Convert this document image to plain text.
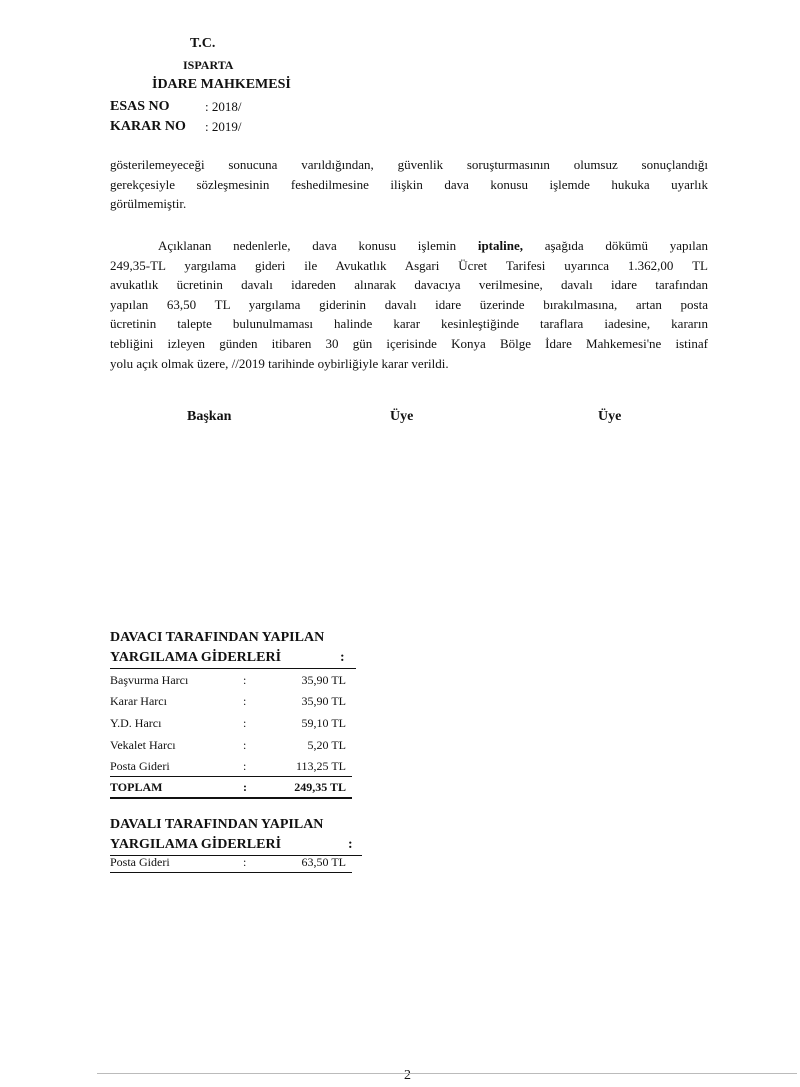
T.C.
ISPARTA
İDARE MAHKEMESİ
ESAS NO	: 2018/
KARAR NO : 2019/
gösterilemeyeceği sonucuna varıldığından, güvenlik soruşturmasının olumsuz sonuçlandığı
gerekçesiyle sözleşmesinin feshedilmesine ilişkin dava konusu işlemde hukuka uyarlık
görülmemiştir.
Açıklanan nedenlerle, dava konusu işlemin iptaline, aşağıda dökümü yapılan
249,35-TL yargılama gideri ile Avukatlık Asgari Ücret Tarifesi uyarınca 1.362,00 TL
avukatlık ücretinin davalı idareden alınarak davacıya verilmesine, davalı idare tarafından
yapılan 63,50 TL yargılama giderinin davalı idare üzerinde bırakılmasına, artan posta
ücretinin talepte bulunulmaması halinde karar kesinleştiğinde taraflara iadesine, kararın
tebliğini izleyen günden itibaren 30 gün içerisinde Konya Bölge İdare Mahkemesi'ne istinaf
yolu açık olmak üzere, //2019 tarihinde oybirliğiyle karar verildi.
Başkan	Üye	Üye
DAVACI TARAFINDAN YAPILAN
YARGILAMA GİDERLERİ	:
Başvurma Harcı	:	35,90 TL
Karar Harcı	:	35,90 TL
Y.D. Harcı	:	59,10 TL
Vekalet Harcı	:	5,20 TL
Posta Gideri	:	113,25 TL
TOPLAM	:	249,35 TL
DAVALI TARAFINDAN YAPILAN
YARGILAMA GİDERLERİ	:
Posta Gideri	:	63,50 TL
2
